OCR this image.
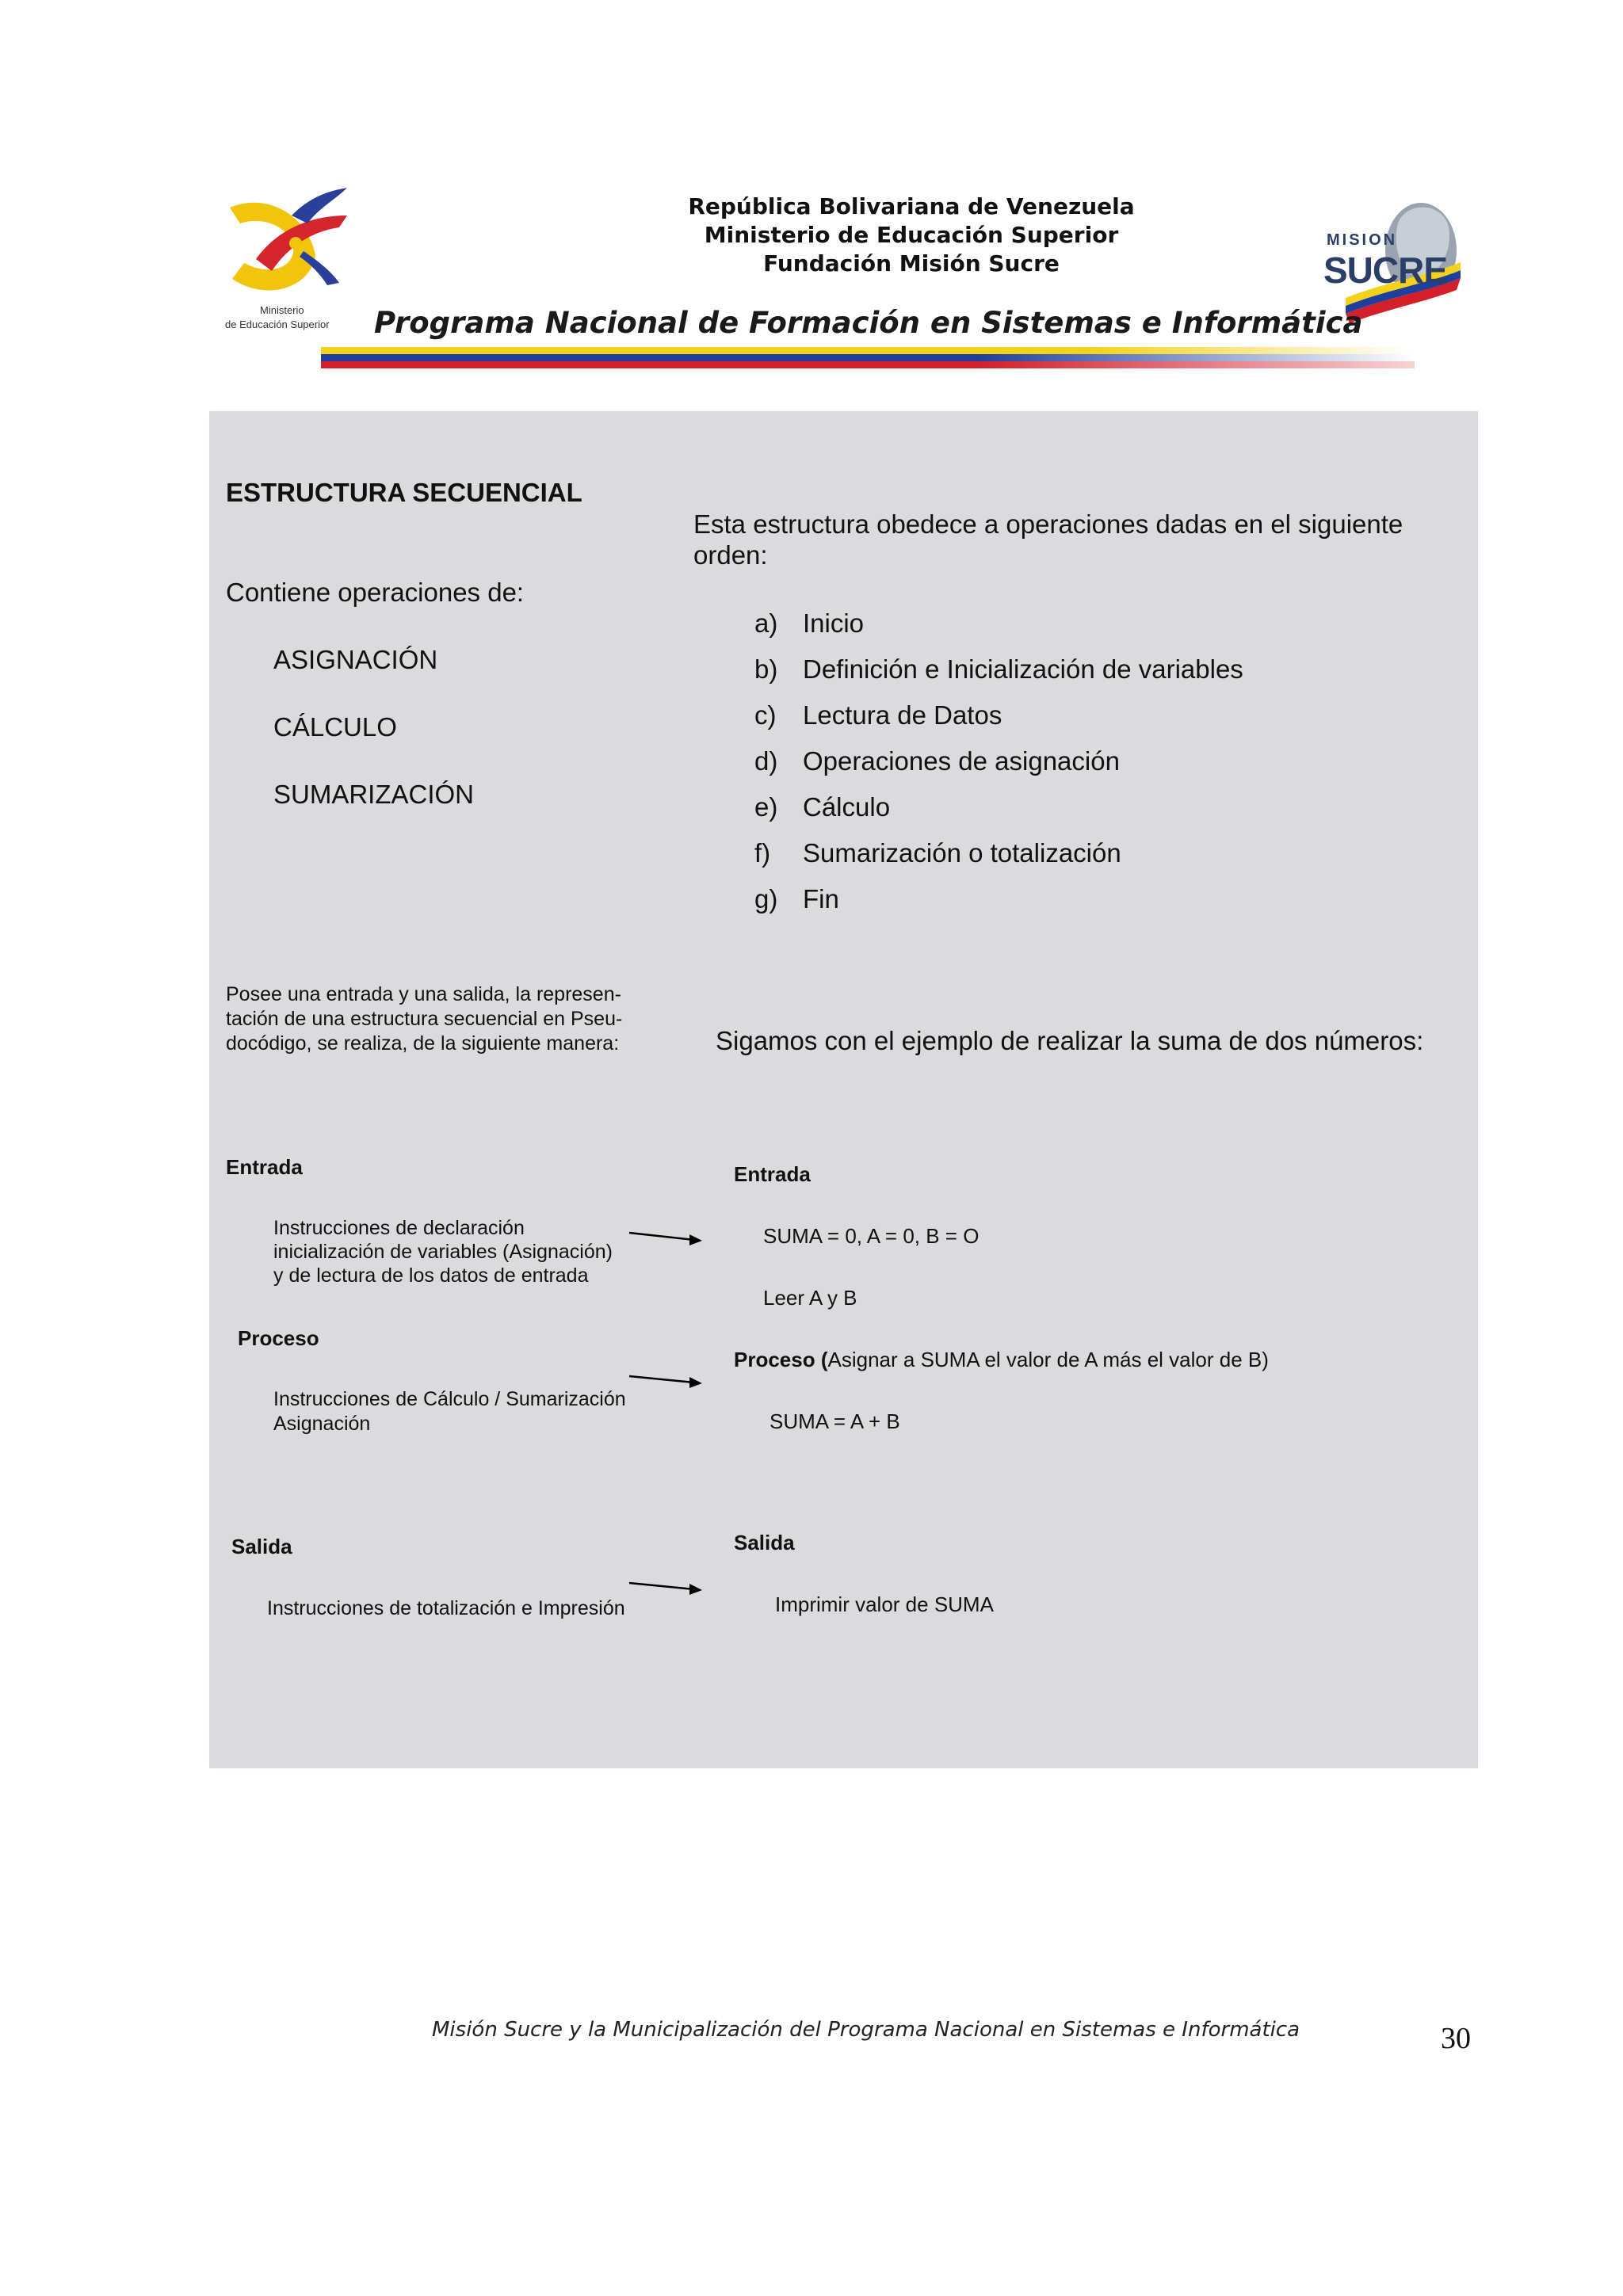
Ministerio
de Educación Superior
República Bolivariana de Venezuela
Ministerio de Educación Superior
Fundación Misión Sucre
MISION
SUCRE
Programa Nacional de Formación en Sistemas e Informática
ESTRUCTURA SECUENCIAL
Contiene operaciones de:
ASIGNACIÓN
CÁLCULO
SUMARIZACIÓN
Esta estructura obedece a operaciones dadas en el siguiente
orden:
a) Inicio
b) Definición e Inicialización de variables
c) Lectura de Datos
d) Operaciones de asignación
e) Cálculo
f) Sumarización o totalización
g) Fin
Posee una entrada y una salida, la represen-
tación de una estructura secuencial en Pseu-
docódigo, se realiza, de la siguiente manera:	Sigamos con el ejemplo de realizar la suma de dos números:
Entrada
Instrucciones de declaración
inicialización de variables (Asignación)
y de lectura de los datos de entrada
Proceso
Instrucciones de Cálculo / Sumarización
Asignación
Salida
Instrucciones de totalización e Impresión
Entrada
SUMA = 0, A = 0, B = O
Leer A y B
Proceso (Asignar a SUMA el valor de A más el valor de B)
SUMA = A + B
Salida
Imprimir valor de SUMA
Misión Sucre y la Municipalización del Programa Nacional en Sistemas e Informática	30
